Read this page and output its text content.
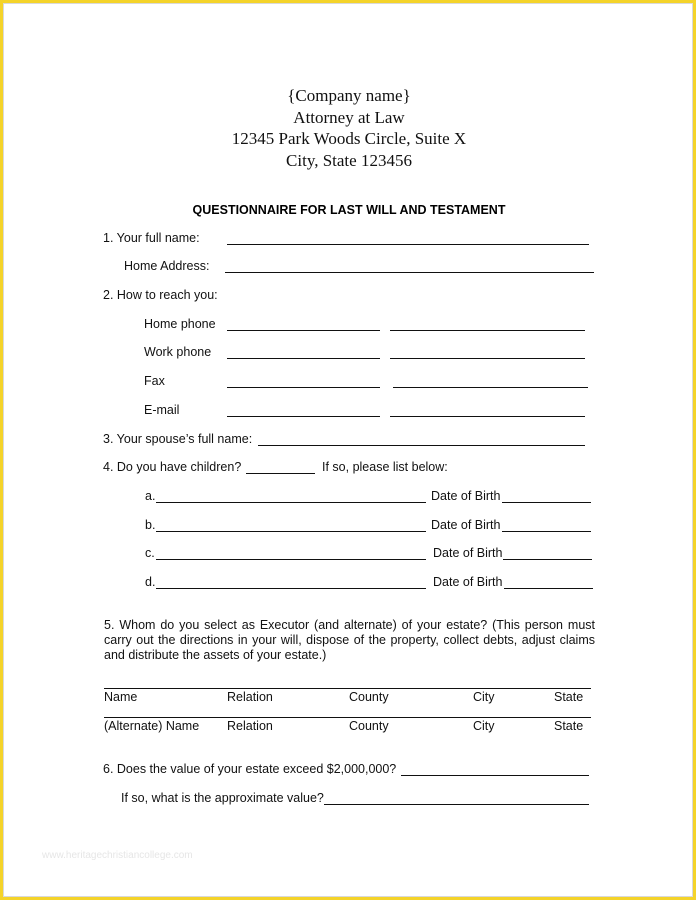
{Company name}
Attorney at Law
12345 Park Woods Circle, Suite X
City, State 123456
QUESTIONNAIRE FOR LAST WILL AND TESTAMENT
1. Your full name:
Home Address:
2. How to reach you:
Home phone
Work phone
Fax
E-mail
3. Your spouse’s full name:
4. Do you have children?	If so, please list below:
a.	Date of Birth
b.	Date of Birth
c.	Date of Birth
d.	Date of Birth
5. Whom do you select as Executor (and alternate) of your estate? (This person must carry out the directions in your will, dispose of the property, collect debts, adjust claims and distribute the assets of your estate.)
Name	Relation	County	City	State
(Alternate) Name Relation	County	City	State
6. Does the value of your estate exceed $2,000,000?
If so, what is the approximate value?
www.heritagechristiancollege.com
